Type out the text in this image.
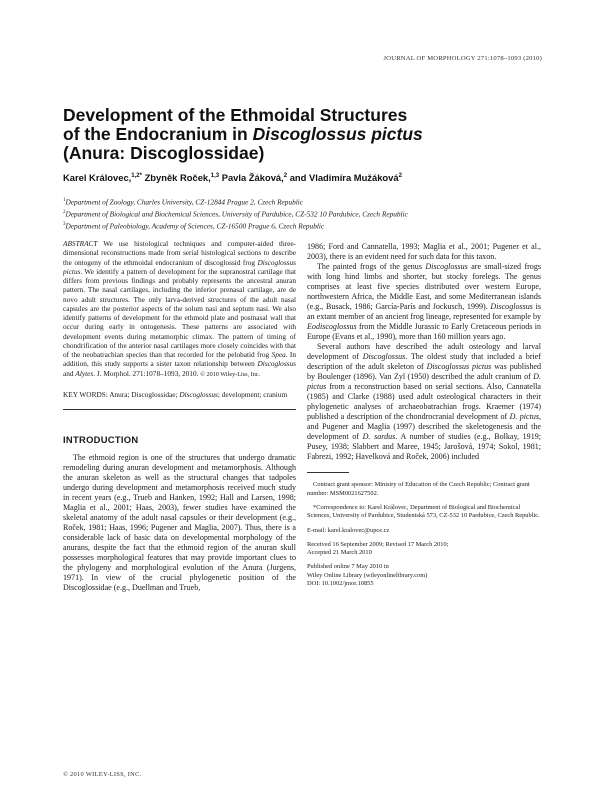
JOURNAL OF MORPHOLOGY 271:1078–1093 (2010)
Development of the Ethmoidal Structures
of the Endocranium in Discoglossus pictus
(Anura: Discoglossidae)
Karel Královec,$^{1,2*}$ Zbyněk Roček,$^{1,3}$ Pavla Žáková,$^2$ and Vladimíra Mužáková$^2$
$^1$Department of Zoology, Charles University, CZ-12844 Prague 2, Czech Republic
$^2$Department of Biological and Biochemical Sciences, University of Pardubice, CZ-532 10 Pardubice, Czech Republic
$^3$Department of Paleobiology, Academy of Sciences, CZ-16500 Prague 6, Czech Republic

ABSTRACT We use histological techniques and computer-aided three-dimensional reconstructions made from serial histological sections to describe the ontogeny of the ethmoidal endocranium of discoglossid frog Discoglossus pictus. We identify a pattern of development for the supranostral cartilage that differs from previous findings and probably represents the ancestral anuran pattern. The nasal cartilages, including the inferior prenasal cartilage, are de novo adult structures. The only larva-derived structures of the adult nasal capsules are the posterior aspects of the solum nasi and septum nasi. We also identify patterns of development for the ethmoid plate and postnasal wall that occur during early in ontogenesis. These patterns are associated with development events during metamorphic climax. The pattern of timing of chondrification of the anterior nasal cartilages more closely coincides with that of the neobatrachian species than that recorded for the pelobatid frog Spea. In addition, this study supports a sister taxon relationship between Discoglossus and Alytes. J. Morphol. 271:1078–1093, 2010. © 2010 Wiley-Liss, Inc.

KEY WORDS: Anura; Discoglossidae; Discoglossus; development; cranium

INTRODUCTION

The ethmoid region is one of the structures that undergo dramatic remodeling during anuran development and metamorphosis. Although the anuran skeleton as well as the structural changes that tadpoles undergo during development and metamorphosis received much study in recent years (e.g., Trueb and Hanken, 1992; Hall and Larsen, 1998; Maglia et al., 2001; Haas, 2003), fewer studies have examined the skeletal anatomy of the adult nasal capsules or their development (e.g., Roček, 1981; Haas, 1996; Pugener and Maglia, 2007). Thus, there is a considerable lack of basic data on developmental morphology of the anurans, despite the fact that the ethmoid region of the anuran skull possesses morphological features that may provide important clues to the phylogeny and morphological evolution of the Anura (Jurgens, 1971). In view of the crucial phylogenetic position of the Discoglossidae (e.g., Duellman and Trueb,

1986; Ford and Cannatella, 1993; Maglia et al., 2001; Pugener et al., 2003), there is an evident need for such data for this taxon.

The painted frogs of the genus Discoglossus are small-sized frogs with long hind limbs and shorter, but stocky forelegs. The genus comprises at least five species distributed over western Europe, northwestern Africa, the Middle East, and some Mediterranean islands (e.g., Busack, 1986; García-París and Jockusch, 1999). Discoglossus is an extant member of an ancient frog lineage, represented for example by Eodiscoglossus from the Middle Jurassic to Early Cretaceous periods in Europe (Evans et al., 1990), more than 160 million years ago.

Several authors have described the adult osteology and larval development of Discoglossus. The oldest study that included a brief description of the adult skeleton of Discoglossus pictus was published by Boulenger (1896). Van Zyl (1950) described the adult cranium of D. pictus from a reconstruction based on serial sections. Also, Cannatella (1985) and Clarke (1988) used adult osteological characters in their phylogenetic analyses of archaeobatrachian frogs. Kraemer (1974) published a description of the chondrocranial development of D. pictus, and Pugener and Maglia (1997) described the skeletogenesis and the development of D. sardus. A number of studies (e.g., Bolkay, 1919; Pusey, 1938; Slabbert and Maree, 1945; Jarošová, 1974; Sokol, 1981; Fabrezi, 1992; Havelková and Roček, 2006) included

Contract grant sponsor: Ministry of Education of the Czech Republic; Contract grant number: MSM0021627502.

*Correspondence to: Karel Královec, Department of Biological and Biochemical Sciences, University of Pardubice, Studentská 573, CZ-532 10 Pardubice, Czech Republic.

E-mail: karel.kralovec@upce.cz

Received 16 September 2009; Revised 17 March 2010;

Accepted 21 March 2010

Published online 7 May 2010 in

Wiley Online Library (wileyonlinelibrary.com)

DOI: 10.1002/jmor.10855

© 2010 WILEY-LISS, INC.
